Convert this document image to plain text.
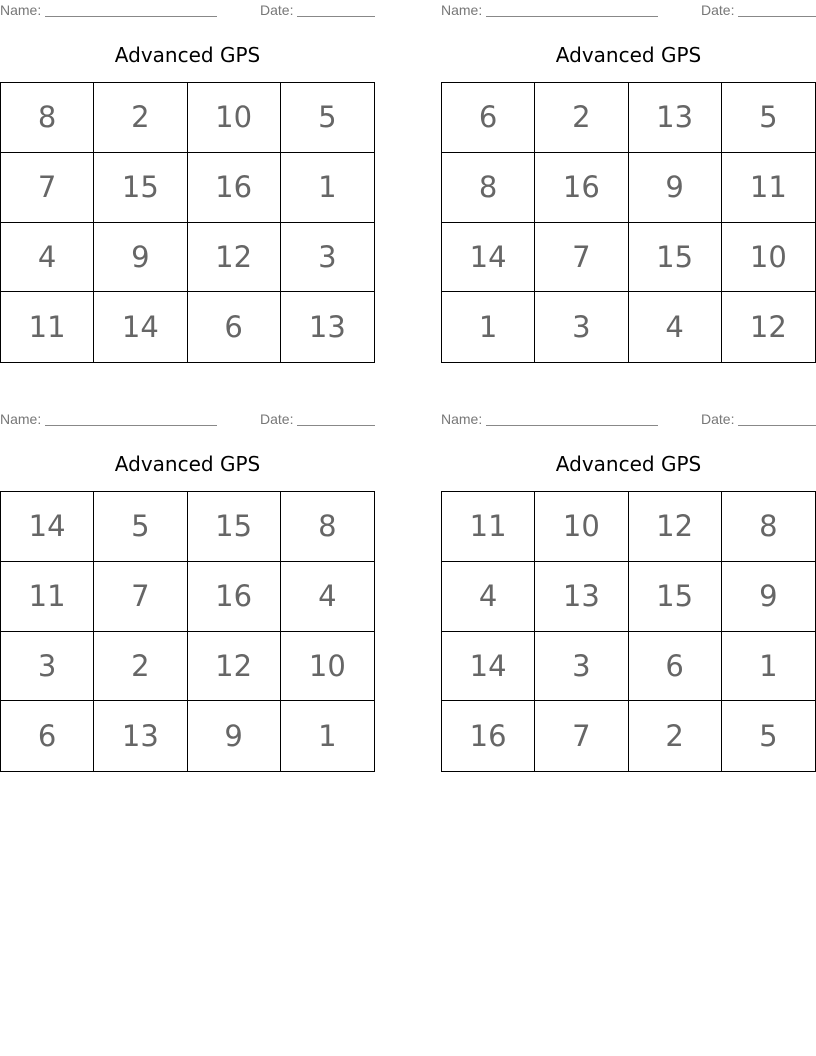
Name:	Date:
Advanced GPS
8	2	10	5
7	15	16	1
4	9	12	3
11	14	6	13
Name:	Date:
Advanced GPS
6	2	13	5
8	16	9	11
14	7	15	10
1	3	4	12
Name:	Date:
Advanced GPS
14	5	15	8
11	7	16	4
3	2	12	10
6	13	9	1
Name:	Date:
Advanced GPS
11	10	12	8
4	13	15	9
14	3	6	1
16	7	2	5
